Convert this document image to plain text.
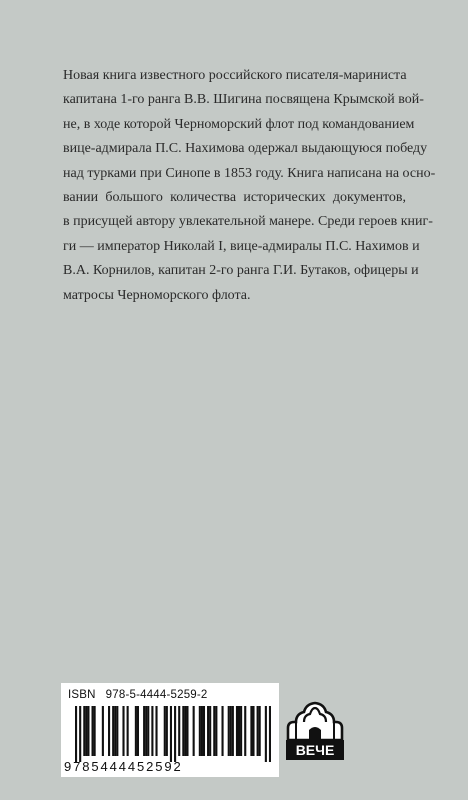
Новая книга известного российского писателя-мариниста
капитана 1-го ранга В.В. Шигина посвящена Крымской вой-
не, в ходе которой Черноморский флот под командованием
вице-адмирала П.С. Нахимова одержал выдающуюся победу
над турками при Синопе в 1853 году. Книга написана на осно-
вании большого количества исторических документов,
в присущей автору увлекательной манере. Среди героев книг-
ги — император Николай I, вице-адмиралы П.С. Нахимов и
В.А. Корнилов, капитан 2-го ранга Г.И. Бутаков, офицеры и
матросы Черноморского флота.
ISBN 978-5-4444-5259-2
9785444452592
ВЕЧЕ
